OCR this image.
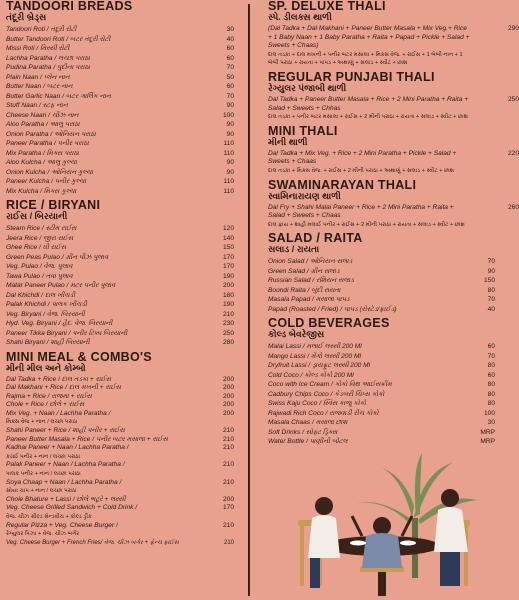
TANDOORI BREADS
તંદૂરી બ્રેડ્સ
Tandoori Roti / તંદૂરી રોટી	30
Butter Tandoori Roti / બટર તંદૂરી રોટી	40
Missi Roti / મિસ્સી રોટી	60
Lachha Paratha / લચ્છા પરાઠા	60
Pudina Paratha / પુદીના પરાઠા	70
Plain Naan / પ્લેન નાન	50
Butter Naan / બટર નાન	60
Butter Garlic Naan / બટર ગાર્લિક નાન	70
Stuff Naan / સ્ટફ નાન	90
Cheese Naan / ચીઝ નાન	100
Aloo Paratha / આલુ પરાઠા	90
Onion Paratha / ઓનિયન પરાઠા	90
Paneer Paratha / પનીર પરાઠા	110
Mix Paratha / મિક્સ પરાઠા	110
Aloo Kulcha / આલુ કુલ્ચા	90
Onion Kulcha / ઓનિયન કુલ્ચા	90
Paneer Kulcha / પનીર કુલ્ચા	110
Mix Kulcha / મિક્સ કુલ્ચા	110
RICE / BIRYANI
રાઈસ / બિરયાની
Steam Rice / સ્ટીમ રાઈસ	120
Jeera Rice / જીરા રાઈસ	140
Ghee Rice / ઘી રાઈસ	150
Green Peas Pulao / ગ્રીન પીઝ પુલાવ	170
Veg. Pulao / વેજ. પુલાવ	170
Tawa Pulao / તવા પુલાવ	190
Matar Paneer Pulao / મટર પનીર પુલાવ	200
Dal Khichdi / દાલ ખીચડી	180
Palak Khichdi / પાલક ખીચડી	190
Veg. Biryani / વેજ. બિરયાની	210
Hyd. Veg. Biryani / હૈદ. વેજ. બિરયાની	230
Paneer Tikka Biryani / પનીર ટિક્કા બિરયાની	250
Shahi Biryani / શાહી બિરયાની	280
MINI MEAL & COMBO'S
મીની મીલ અને કોમ્બો
Dal Tadka + Rice / દાલ તડકા + રાઈસ	200
Dal Makhani + Rice / દાલ મખની + રાઈસ	200
Rajma + Rice / રાજમા + રાઈસ	200
Chole + Rice / છોલે + રાઈસ	200
Mix Veg. + Naan / Lachha Paratha /	200
મિક્સ વેજ + નાન / લચ્છા પરાઠા
Shahi Paneer + Rice / શાહી પનીર + રાઈસ	210
Paneer Butter Masala + Rice / પનીર બટર મસાલા + રાઈસ	210
Kadhai Paneer + Naan / Lachha Paratha /	210
કઢાઈ પનીર + નાન / લચ્છા પરાઠા
Palak Paneer + Naan / Lachha Paratha /	210
પાલક પનીર + નાન / લચ્છા પરાઠા
Soya Chaap + Naan / Lachha Paratha /	210
સોયા ચાપ + નાન / લચ્છા પરાઠા
Chole Bhature + Lassi / છોલે ભટૂરે + લસ્સી	200
Veg. Cheese Grilled Sandwich + Cold Drink /	170
વેજ. ચીઝ ગ્રીલ્ડ સેન્ડવીચ + કોલ્ડ ડ્રીંક
Regular Pizza + Veg. Cheese Burger /	210
રેગ્યુલર પિઝા + વેજ. ચીઝ બર્ગર
Veg. Cheese Burger + French Fries/ વેજ. ચીઝ બર્ગર + ફ્રેન્ચ ફ્રાઈસ	210
SP. DELUXE THALI
સ્પે. ડીલક્સ થાળી
(Dal Tadka + Dal Makhani + Paneer Butter Masala + Mix Veg.+ Rice + 1 Baby Naan + 1 Baby Paratha + Raita + Papad + Pickle + Salad + Sweets + Chaas)
290
દાલ તડકા + દાલ મખની + પનીર બટર મસાલા + મિક્સ વેજ. + રાઈસ + 1 બેબી નાન + 1 બેબી પરાઠા + રાયતા + પાપડ + અથાણું + સલાડ + સ્વીટ + છાશ
REGULAR PUNJABI THALI
રેગ્યુલર પંજાબી થાળી
Dal Tadka + Paneer Butter Masala + Rice + 2 Mini Paratha + Raita + Salad + Sweets + Chhas
250
દાલ તડકા + પનીર બટર મસાલા + રાઈસ + 2 મીની પરાઠા + રાયતા + સલાડ + સ્વીટ + છાશ
MINI THALI
મીની થાળી
Dal Tadka + Mix Veg. + Rice + 2 Mini Paratha + Pickle + Salad + Sweets + Chaas
220
દાલ તડકા + મિક્સ વેજ. + રાઈસ + 2 મીની પરાઠા + અથાણું + સલાડ + સ્વીટ + છાશ
SWAMINARAYAN THALI
સ્વામિનારાયણ થાળી
Dal Fry + Shahi Malai Paneer + Rice + 2 Mini Paratha + Raita + Salad + Sweets + Chaas
260
દાલ ફ્રાય + શાહી મલાઈ પનીર + રાઈસ + 2 મીની પરાઠા + રાયતા + સલાડ + સ્વીટ + છાશ
SALAD / RAITA
સલાડ / રાયતા
Onion Salad / ઓનિયન સલાડ	70
Green Salad / ગ્રીન સલાડ	90
Russian Salad / રશિયન સલાડ	150
Boondi Raita / બુંદી રાયતા	80
Masala Papad / મસાલા પાપડ	70
Papad (Roasted / Fried) / પાપડ (રોસ્ટેડ/ફ્રાઈડ)	40
COLD BEVERAGES
કોલ્ડ બેવરેજીસ
Malai Lassi / મલાઈ લસ્સી 200 Ml	60
Mango Lassi / મેંગો લસ્સી 200 Ml	70
Dryfruit Lassi / ડ્રાયફ્રુટ લસ્સી 200 Ml	80
Cold Coco / કોલ્ડ કોકો 200 Ml	60
Coco with Ice Cream / કોકો વિથ આઈસક્રીમ	80
Cadbury Chips Coco / કેડબરી ચિપ્સ કોકો	80
Swiss Kaju Coco / સ્વિસ કાજુ કોકો	80
Rajwadi Rich Coco / રાજવાડી રીચ કોકો	100
Masala Chaas / મસાલા છાશ	30
Soft Drinks / સોફ્ટ ડ્રિંક્સ	MRP
Water Bottle / પાણીની બોટલ	MRP
